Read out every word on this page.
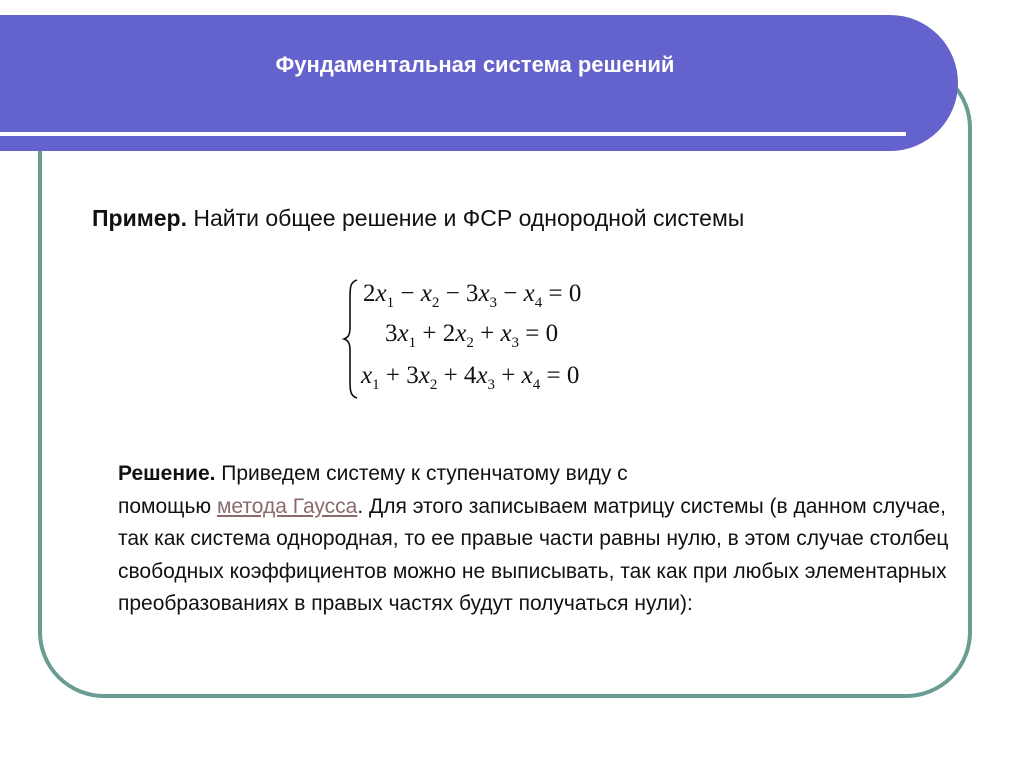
Фундаментальная система решений
Пример. Найти общее решение и ФСР однородной системы
$2x_1 - x_2 - 3x_3 - x_4 = 0$
$3x_1 + 2x_2 + x_3 = 0$
$x_1 + 3x_2 + 4x_3 + x_4 = 0$
Решение. Приведем систему к ступенчатому виду с
помощью метода Гаусса. Для этого записываем матрицу системы (в данном случае, так как система однородная, то ее правые части равны нулю, в этом случае столбец свободных коэффициентов можно не выписывать, так как при любых элементарных преобразованиях в правых частях будут получаться нули):
